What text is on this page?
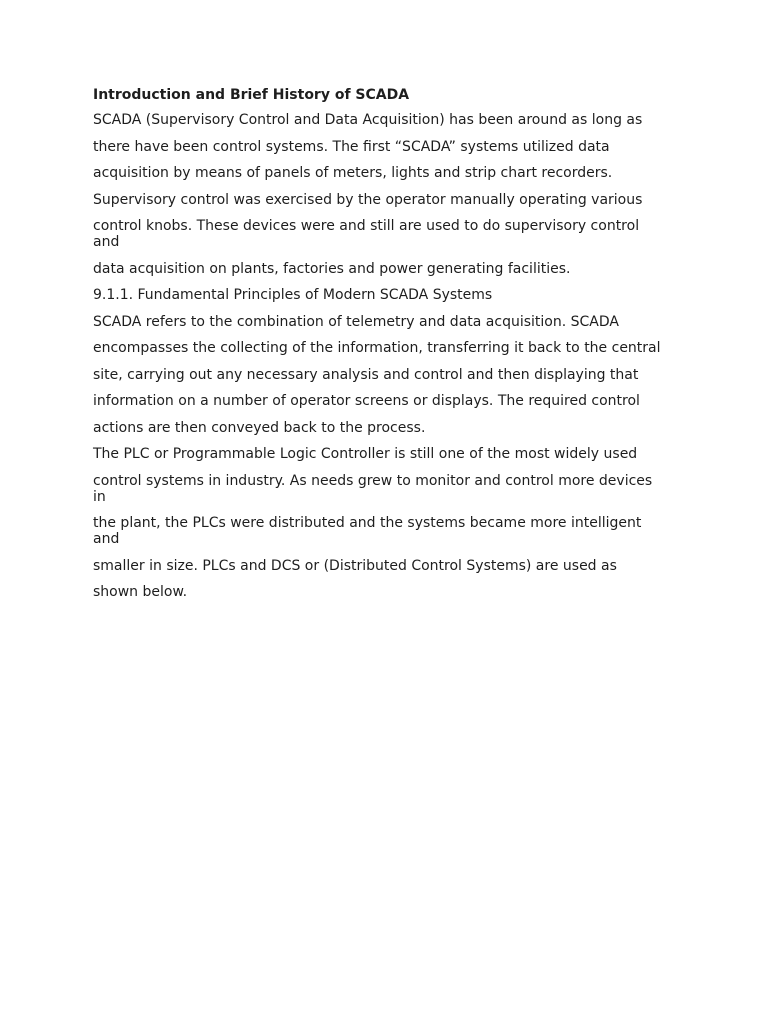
Introduction and Brief History of SCADA

SCADA (Supervisory Control and Data Acquisition) has been around as long as

there have been control systems. The first “SCADA” systems utilized data

acquisition by means of panels of meters, lights and strip chart recorders.

Supervisory control was exercised by the operator manually operating various

control knobs. These devices were and still are used to do supervisory control

and

data acquisition on plants, factories and power generating facilities.

9.1.1. Fundamental Principles of Modern SCADA Systems

SCADA refers to the combination of telemetry and data acquisition. SCADA

encompasses the collecting of the information, transferring it back to the central

site, carrying out any necessary analysis and control and then displaying that

information on a number of operator screens or displays. The required control

actions are then conveyed back to the process.

The PLC or Programmable Logic Controller is still one of the most widely used

control systems in industry. As needs grew to monitor and control more devices

in

the plant, the PLCs were distributed and the systems became more intelligent

and

smaller in size. PLCs and DCS or (Distributed Control Systems) are used as

shown below.
